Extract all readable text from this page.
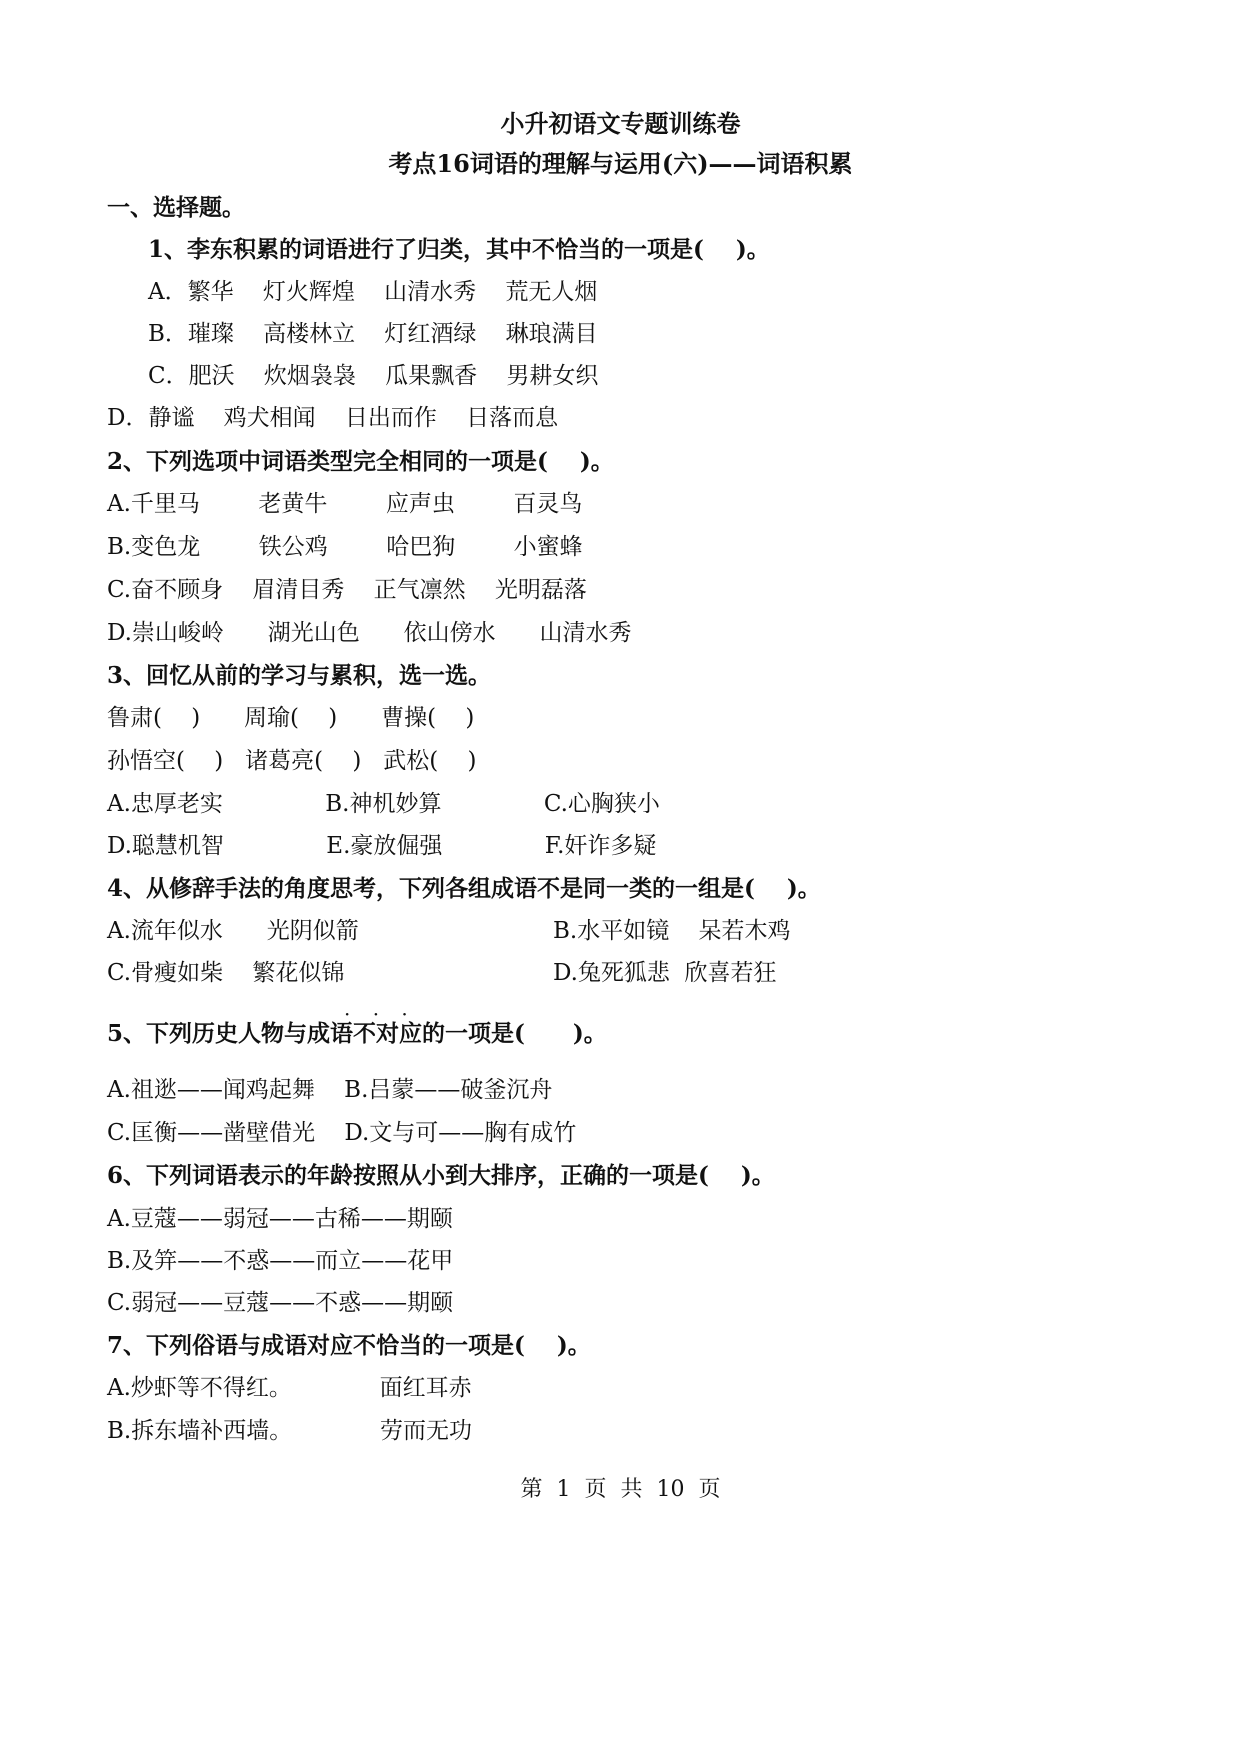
小升初语文专题训练卷
考点16词语的理解与运用(六)——词语积累
一、选择题。
1、李东积累的词语进行了归类，其中不恰当的一项是(    )。
A．繁华    灯火辉煌    山清水秀    荒无人烟
B．璀璨    高楼林立    灯红酒绿    琳琅满目
C．肥沃    炊烟袅袅    瓜果飘香    男耕女织
D．静谧    鸡犬相闻    日出而作    日落而息
2、下列选项中词语类型完全相同的一项是(    )。
A.千里马        老黄牛        应声虫        百灵鸟
B.变色龙        铁公鸡        哈巴狗        小蜜蜂
C.奋不顾身    眉清目秀    正气凛然    光明磊落
D.崇山峻岭      湖光山色      依山傍水      山清水秀
3、回忆从前的学习与累积，选一选。
鲁肃(    )      周瑜(    )      曹操(    )
孙悟空(    )   诸葛亮(    )   武松(    )
A.忠厚老实              B.神机妙算              C.心胸狭小
D.聪慧机智              E.豪放倔强              F.奸诈多疑
4、从修辞手法的角度思考，下列各组成语不是同一类的一组是(    )。
A.流年似水      光阴似箭	B.水平如镜    呆若木鸡
C.骨瘦如柴    繁花似锦	D.兔死狐悲  欣喜若狂
· · ·
5、下列历史人物与成语不对应的一项是(      )。
A.祖逖——闻鸡起舞    B.吕蒙——破釜沉舟
C.匡衡——凿壁借光    D.文与可——胸有成竹
6、下列词语表示的年龄按照从小到大排序，正确的一项是(    )。
A.豆蔻——弱冠——古稀——期颐
B.及笄——不惑——而立——花甲
C.弱冠——豆蔻——不惑——期颐
7、下列俗语与成语对应不恰当的一项是(    )。
A.炒虾等不得红。            面红耳赤
B.拆东墙补西墙。            劳而无功
第  1  页  共  10  页
